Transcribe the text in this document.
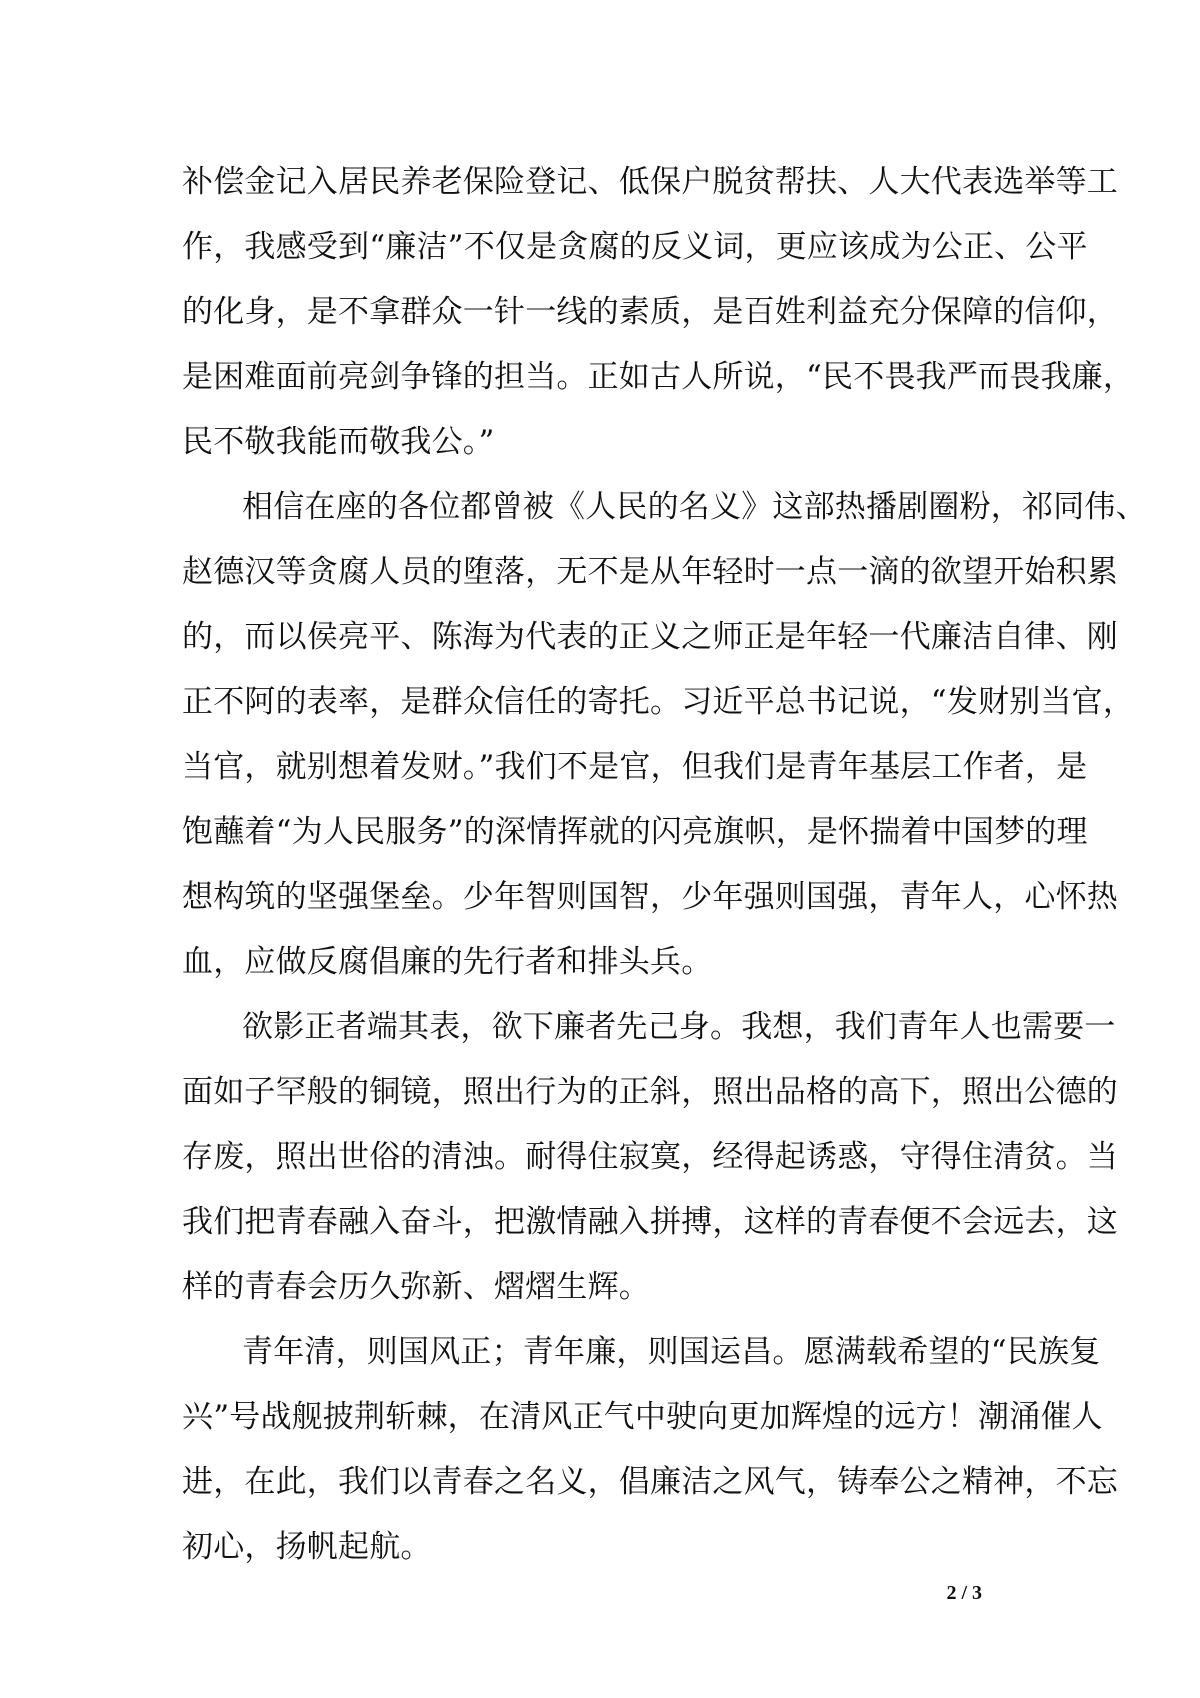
补偿金记入居民养老保险登记、低保户脱贫帮扶、人大代表选举等工
作，我感受到“廉洁”不仅是贪腐的反义词，更应该成为公正、公平
的化身，是不拿群众一针一线的素质，是百姓利益充分保障的信仰，
是困难面前亮剑争锋的担当。正如古人所说，“民不畏我严而畏我廉，
民不敬我能而敬我公。”
相信在座的各位都曾被《人民的名义》这部热播剧圈粉，祁同伟、
赵德汉等贪腐人员的堕落，无不是从年轻时一点一滴的欲望开始积累
的，而以侯亮平、陈海为代表的正义之师正是年轻一代廉洁自律、刚
正不阿的表率，是群众信任的寄托。习近平总书记说，“发财别当官，
当官，就别想着发财。”我们不是官，但我们是青年基层工作者，是
饱蘸着“为人民服务”的深情挥就的闪亮旗帜，是怀揣着中国梦的理
想构筑的坚强堡垒。少年智则国智，少年强则国强，青年人，心怀热
血，应做反腐倡廉的先行者和排头兵。
欲影正者端其表，欲下廉者先己身。我想，我们青年人也需要一
面如子罕般的铜镜，照出行为的正斜，照出品格的高下，照出公德的
存废，照出世俗的清浊。耐得住寂寞，经得起诱惑，守得住清贫。当
我们把青春融入奋斗，把激情融入拼搏，这样的青春便不会远去，这
样的青春会历久弥新、熠熠生辉。
青年清，则国风正；青年廉，则国运昌。愿满载希望的“民族复
兴”号战舰披荆斩棘，在清风正气中驶向更加辉煌的远方！潮涌催人
进，在此，我们以青春之名义，倡廉洁之风气，铸奉公之精神，不忘
初心，扬帆起航。
2 / 3
